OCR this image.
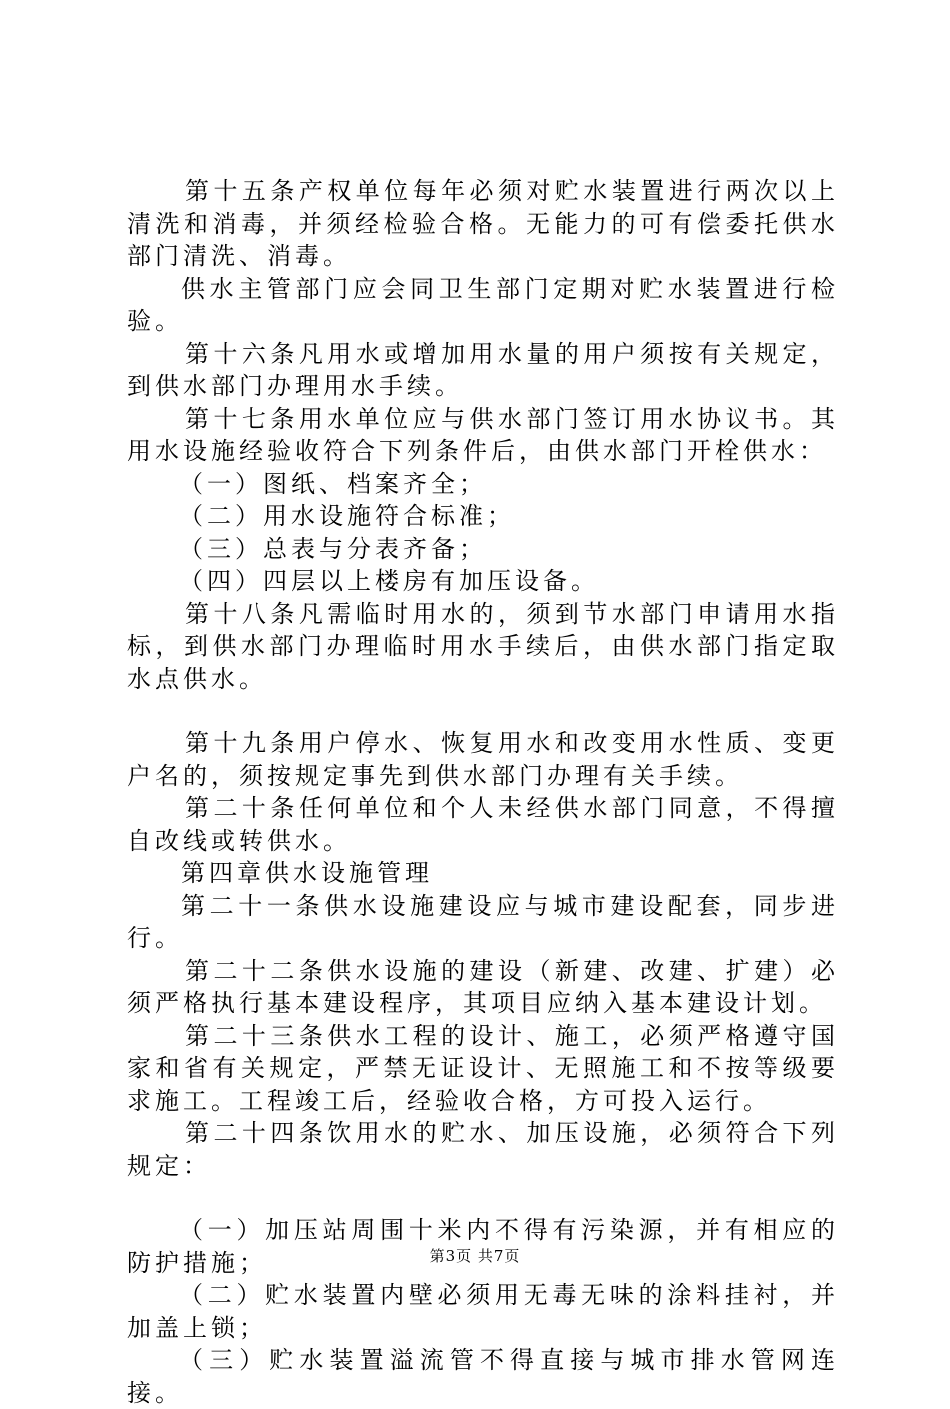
第十五条产权单位每年必须对贮水装置进行两次以上清洗和消毒，并须经检验合格。无能力的可有偿委托供水部门清洗、消毒。

供水主管部门应会同卫生部门定期对贮水装置进行检验。

第十六条凡用水或增加用水量的用户须按有关规定，到供水部门办理用水手续。

第十七条用水单位应与供水部门签订用水协议书。其用水设施经验收符合下列条件后，由供水部门开栓供水：

（一）图纸、档案齐全；

（二）用水设施符合标准；

（三）总表与分表齐备；

（四）四层以上楼房有加压设备。

第十八条凡需临时用水的，须到节水部门申请用水指标，到供水部门办理临时用水手续后，由供水部门指定取水点供水。

第十九条用户停水、恢复用水和改变用水性质、变更户名的，须按规定事先到供水部门办理有关手续。

第二十条任何单位和个人未经供水部门同意，不得擅自改线或转供水。

第四章供水设施管理

第二十一条供水设施建设应与城市建设配套，同步进行。

第二十二条供水设施的建设（新建、改建、扩建）必须严格执行基本建设程序，其项目应纳入基本建设计划。

第二十三条供水工程的设计、施工，必须严格遵守国家和省有关规定，严禁无证设计、无照施工和不按等级要求施工。工程竣工后，经验收合格，方可投入运行。

第二十四条饮用水的贮水、加压设施，必须符合下列规定：

（一）加压站周围十米内不得有污染源，并有相应的防护措施；

（二）贮水装置内壁必须用无毒无味的涂料挂衬，并加盖上锁；

（三）贮水装置溢流管不得直接与城市排水管网连接。

第3页 共7页
